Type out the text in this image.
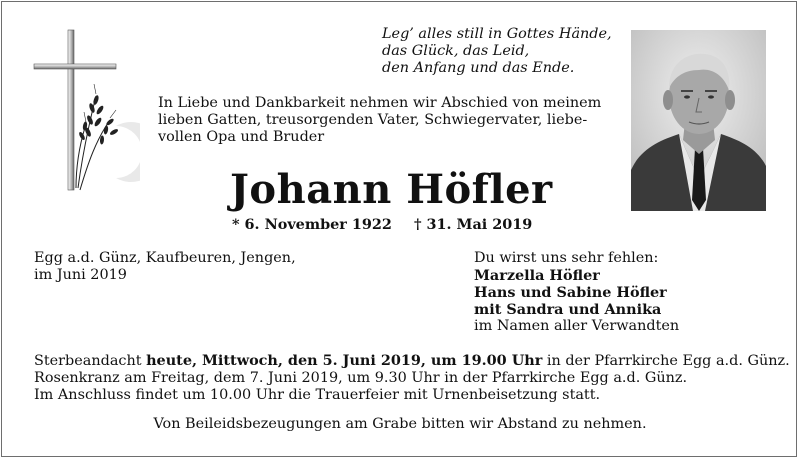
Leg’ alles still in Gottes Hände,
das Glück, das Leid,
den Anfang und das Ende.
In Liebe und Dankbarkeit nehmen wir Abschied von meinem
lieben Gatten, treusorgenden Vater, Schwiegervater, liebe-
vollen Opa und Bruder
Johann Höfler
* 6. November 1922 † 31. Mai 2019
Egg a.d. Günz, Kaufbeuren, Jengen,
im Juni 2019
Du wirst uns sehr fehlen:
Marzella Höfler
Hans und Sabine Höfler
mit Sandra und Annika
im Namen aller Verwandten
Sterbeandacht heute, Mittwoch, den 5. Juni 2019, um 19.00 Uhr in der Pfarrkirche Egg a.d. Günz.
Rosenkranz am Freitag, dem 7. Juni 2019, um 9.30 Uhr in der Pfarrkirche Egg a.d. Günz.
Im Anschluss findet um 10.00 Uhr die Trauerfeier mit Urnenbeisetzung statt.
Von Beileidsbezeugungen am Grabe bitten wir Abstand zu nehmen.
